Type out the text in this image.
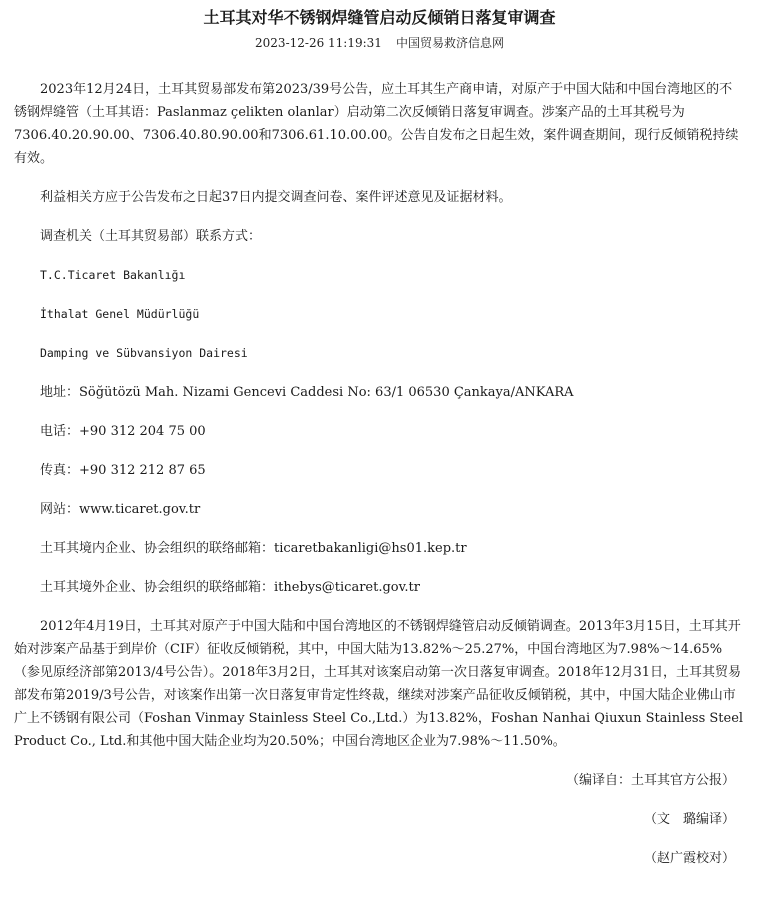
土耳其对华不锈钢焊缝管启动反倾销日落复审调查
2023-12-26 11:19:31 中国贸易救济信息网

2023年12月24日，土耳其贸易部发布第2023/39号公告，应土耳其生产商申请，对原产于中国大陆和中国台湾地区的不锈钢焊缝管（土耳其语：Paslanmaz çelikten olanlar）启动第二次反倾销日落复审调查。涉案产品的土耳其税号为7306.40.20.90.00、7306.40.80.90.00和7306.61.10.00.00。公告自发布之日起生效，案件调查期间，现行反倾销税持续有效。

利益相关方应于公告发布之日起37日内提交调查问卷、案件评述意见及证据材料。

调查机关（土耳其贸易部）联系方式：

T.C.Ticaret Bakanlığı

İthalat Genel Müdürlüğü

Damping ve Sübvansiyon Dairesi

地址：Söğütözü Mah. Nizami Gencevi Caddesi No: 63/1 06530 Çankaya/ANKARA

电话：+90 312 204 75 00

传真：+90 312 212 87 65

网站：www.ticaret.gov.tr

土耳其境内企业、协会组织的联络邮箱：ticaretbakanligi@hs01.kep.tr

土耳其境外企业、协会组织的联络邮箱：ithebys@ticaret.gov.tr

2012年4月19日，土耳其对原产于中国大陆和中国台湾地区的不锈钢焊缝管启动反倾销调查。2013年3月15日，土耳其开始对涉案产品基于到岸价（CIF）征收反倾销税，其中，中国大陆为13.82%～25.27%，中国台湾地区为7.98%～14.65%（参见原经济部第2013/4号公告）。2018年3月2日，土耳其对该案启动第一次日落复审调查。2018年12月31日，土耳其贸易部发布第2019/3号公告，对该案作出第一次日落复审肯定性终裁，继续对涉案产品征收反倾销税，其中，中国大陆企业佛山市广上不锈钢有限公司（Foshan Vinmay Stainless Steel Co.,Ltd.）为13.82%，Foshan Nanhai Qiuxun Stainless Steel Product Co., Ltd.和其他中国大陆企业均为20.50%；中国台湾地区企业为7.98%～11.50%。

（编译自：土耳其官方公报）

（文　璐编译）

（赵广霞校对）
